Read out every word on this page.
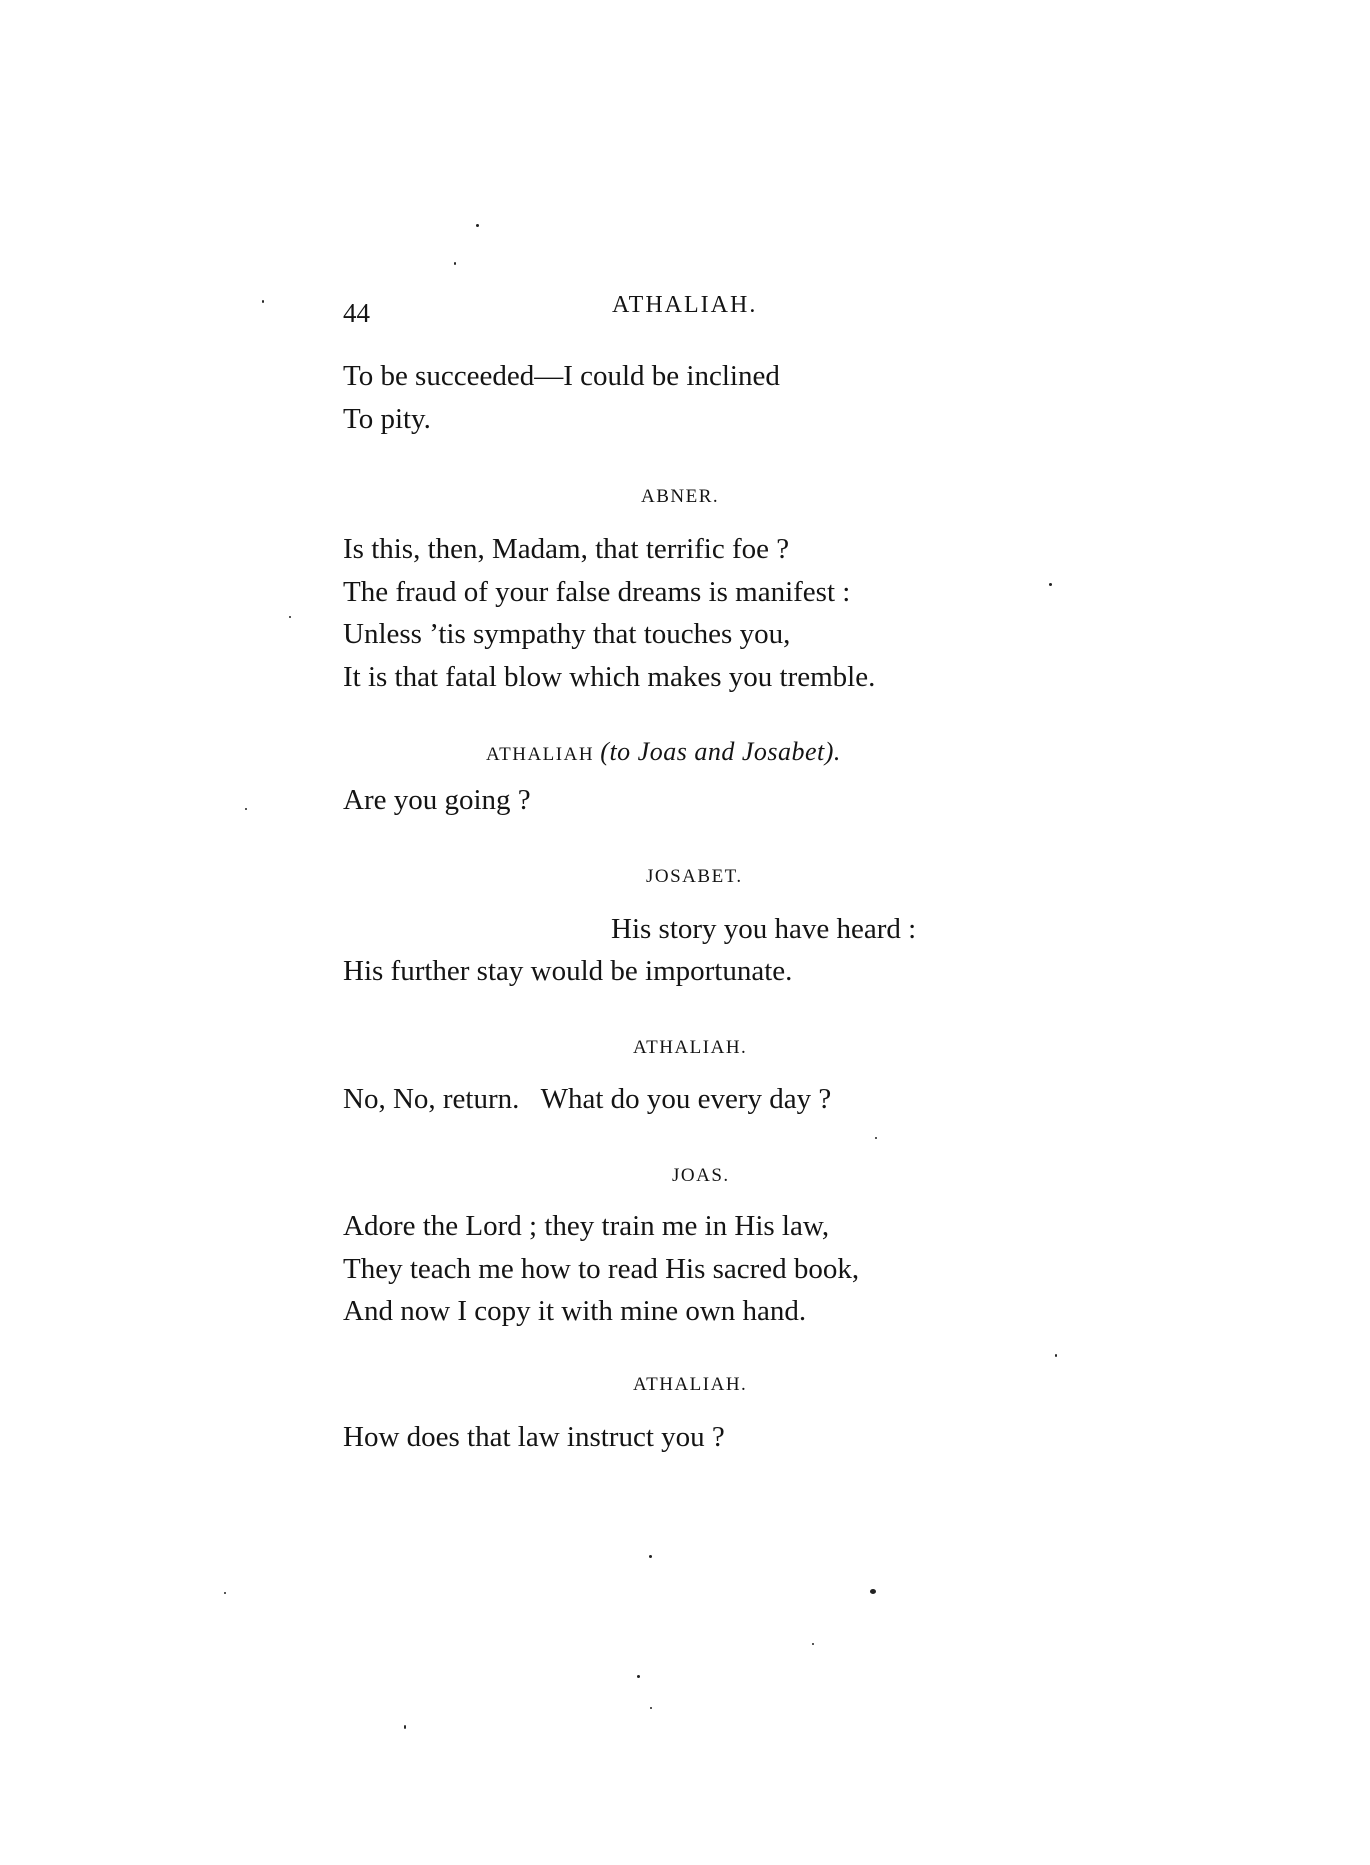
44	ATHALIAH.
To be succeeded—I could be inclined
To pity.
ABNER.
Is this, then, Madam, that terrific foe ?
The fraud of your false dreams is manifest :
Unless ’tis sympathy that touches you,
It is that fatal blow which makes you tremble.
ATHALIAH (to Joas and Josabet).
Are you going ?
JOSABET.
His story you have heard :
His further stay would be importunate.
ATHALIAH.
No, No, return.   What do you every day ?
JOAS.
Adore the Lord ; they train me in His law,
They teach me how to read His sacred book,
And now I copy it with mine own hand.
ATHALIAH.
How does that law instruct you ?
